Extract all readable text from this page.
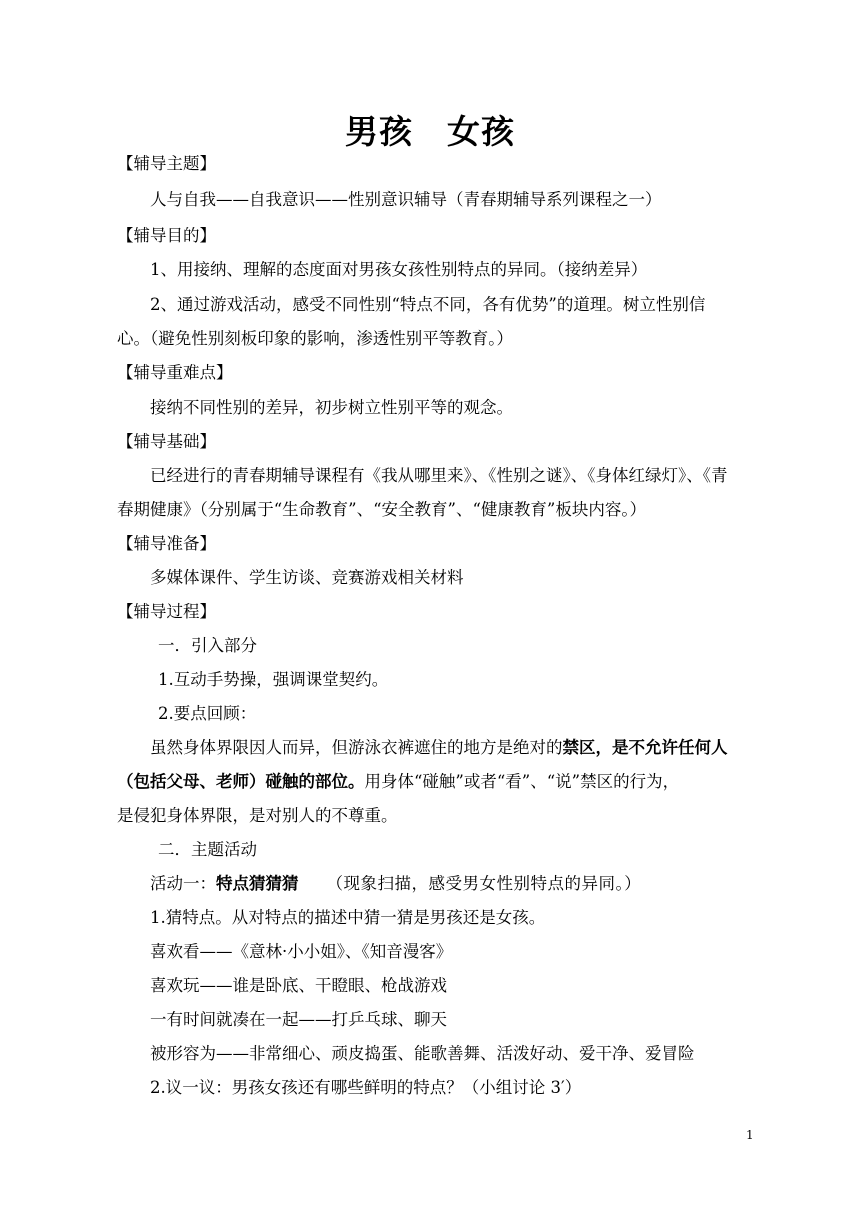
男孩 女孩
【辅导主题】
人与自我——自我意识——性别意识辅导（青春期辅导系列课程之一）
【辅导目的】
1、用接纳、理解的态度面对男孩女孩性别特点的异同。（接纳差异）
2、通过游戏活动，感受不同性别“特点不同，各有优势”的道理。树立性别信
心。（避免性别刻板印象的影响，渗透性别平等教育。）
【辅导重难点】
接纳不同性别的差异，初步树立性别平等的观念。
【辅导基础】
已经进行的青春期辅导课程有《我从哪里来》、《性别之谜》、《身体红绿灯》、《青
春期健康》（分别属于“生命教育”、“安全教育”、“健康教育”板块内容。）
【辅导准备】
多媒体课件、学生访谈、竞赛游戏相关材料
【辅导过程】
一．引入部分
1.互动手势操，强调课堂契约。
2.要点回顾：
虽然身体界限因人而异，但游泳衣裤遮住的地方是绝对的禁区，是不允许任何人
（包括父母、老师）碰触的部位。用身体“碰触”或者“看”、“说”禁区的行为，
是侵犯身体界限，是对别人的不尊重。
二．主题活动
活动一：特点猜猜猜 （现象扫描，感受男女性别特点的异同。）
1.猜特点。从对特点的描述中猜一猜是男孩还是女孩。
喜欢看——《意林·小小姐》、《知音漫客》
喜欢玩——谁是卧底、干瞪眼、枪战游戏
一有时间就凑在一起——打乒乓球、聊天
被形容为——非常细心、顽皮捣蛋、能歌善舞、活泼好动、爱干净、爱冒险
2.议一议：男孩女孩还有哪些鲜明的特点？（小组讨论 3′）
1
